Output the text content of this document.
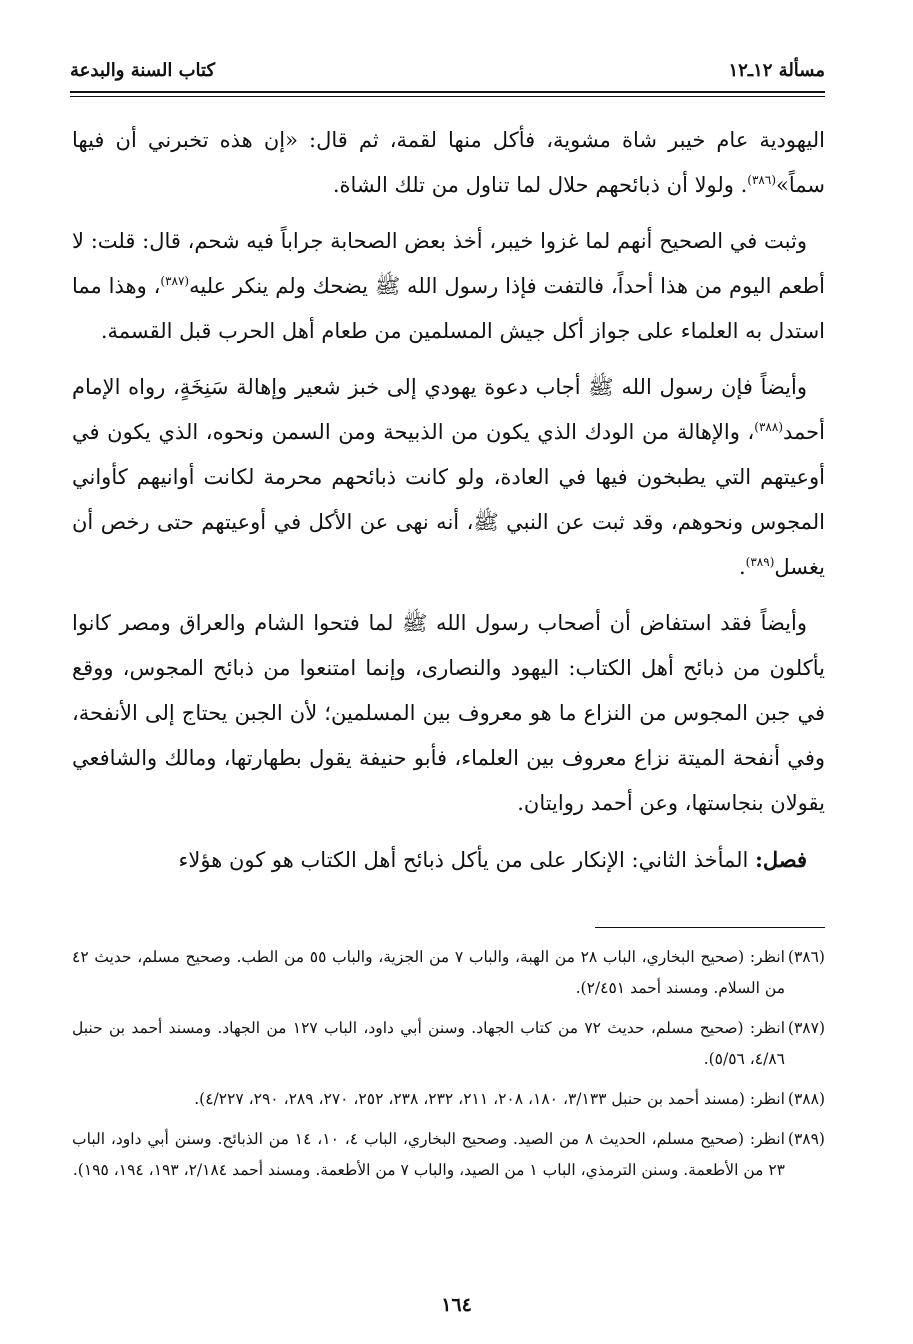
مسألة ١٢ـ١٢
كتاب السنة والبدعة

اليهودية عام خيبر شاة مشوية، فأكل منها لقمة، ثم قال: «إن هذه تخبرني أن فيها سماً»$^{(٣٨٦)}$. ولولا أن ذبائحهم حلال لما تناول من تلك الشاة.

وثبت في الصحيح أنهم لما غزوا خيبر، أخذ بعض الصحابة جراباً فيه شحم، قال: قلت: لا أطعم اليوم من هذا أحداً، فالتفت فإذا رسول الله ﷺ يضحك ولم ينكر عليه$^{(٣٨٧)}$، وهذا مما استدل به العلماء على جواز أكل جيش المسلمين من طعام أهل الحرب قبل القسمة.

وأيضاً فإن رسول الله ﷺ أجاب دعوة يهودي إلى خبز شعير وإهالة سَنِخَةٍ، رواه الإمام أحمد$^{(٣٨٨)}$، والإهالة من الودك الذي يكون من الذبيحة ومن السمن ونحوه، الذي يكون في أوعيتهم التي يطبخون فيها في العادة، ولو كانت ذبائحهم محرمة لكانت أوانيهم كأواني المجوس ونحوهم، وقد ثبت عن النبي ﷺ، أنه نهى عن الأكل في أوعيتهم حتى رخص أن يغسل$^{(٣٨٩)}$.

وأيضاً فقد استفاض أن أصحاب رسول الله ﷺ لما فتحوا الشام والعراق ومصر كانوا يأكلون من ذبائح أهل الكتاب: اليهود والنصارى، وإنما امتنعوا من ذبائح المجوس، ووقع في جبن المجوس من النزاع ما هو معروف بين المسلمين؛ لأن الجبن يحتاج إلى الأنفحة، وفي أنفحة الميتة نزاع معروف بين العلماء، فأبو حنيفة يقول بطهارتها، ومالك والشافعي يقولان بنجاستها، وعن أحمد روايتان.

فصل: المأخذ الثاني: الإنكار على من يأكل ذبائح أهل الكتاب هو كون هؤلاء

(٣٨٦)انظر: (صحيح البخاري، الباب ٢٨ من الهبة، والباب ٧ من الجزية، والباب ٥٥ من الطب. وصحيح مسلم، حديث ٤٢ من السلام. ومسند أحمد ٢/٤٥١).
(٣٨٧)انظر: (صحيح مسلم، حديث ٧٢ من كتاب الجهاد. وسنن أبي داود، الباب ١٢٧ من الجهاد. ومسند أحمد بن حنبل ٤/٨٦، ٥/٥٦).
(٣٨٨)انظر: (مسند أحمد بن حنبل ٣/١٣٣، ١٨٠، ٢٠٨، ٢١١، ٢٣٢، ٢٣٨، ٢٥٢، ٢٧٠، ٢٨٩، ٢٩٠، ٤/٢٢٧).
(٣٨٩)انظر: (صحيح مسلم، الحديث ٨ من الصيد. وصحيح البخاري، الباب ٤، ١٠، ١٤ من الذبائح. وسنن أبي داود، الباب ٢٣ من الأطعمة. وسنن الترمذي، الباب ١ من الصيد، والباب ٧ من الأطعمة. ومسند أحمد ٢/١٨٤، ١٩٣، ١٩٤، ١٩٥).
١٦٤
